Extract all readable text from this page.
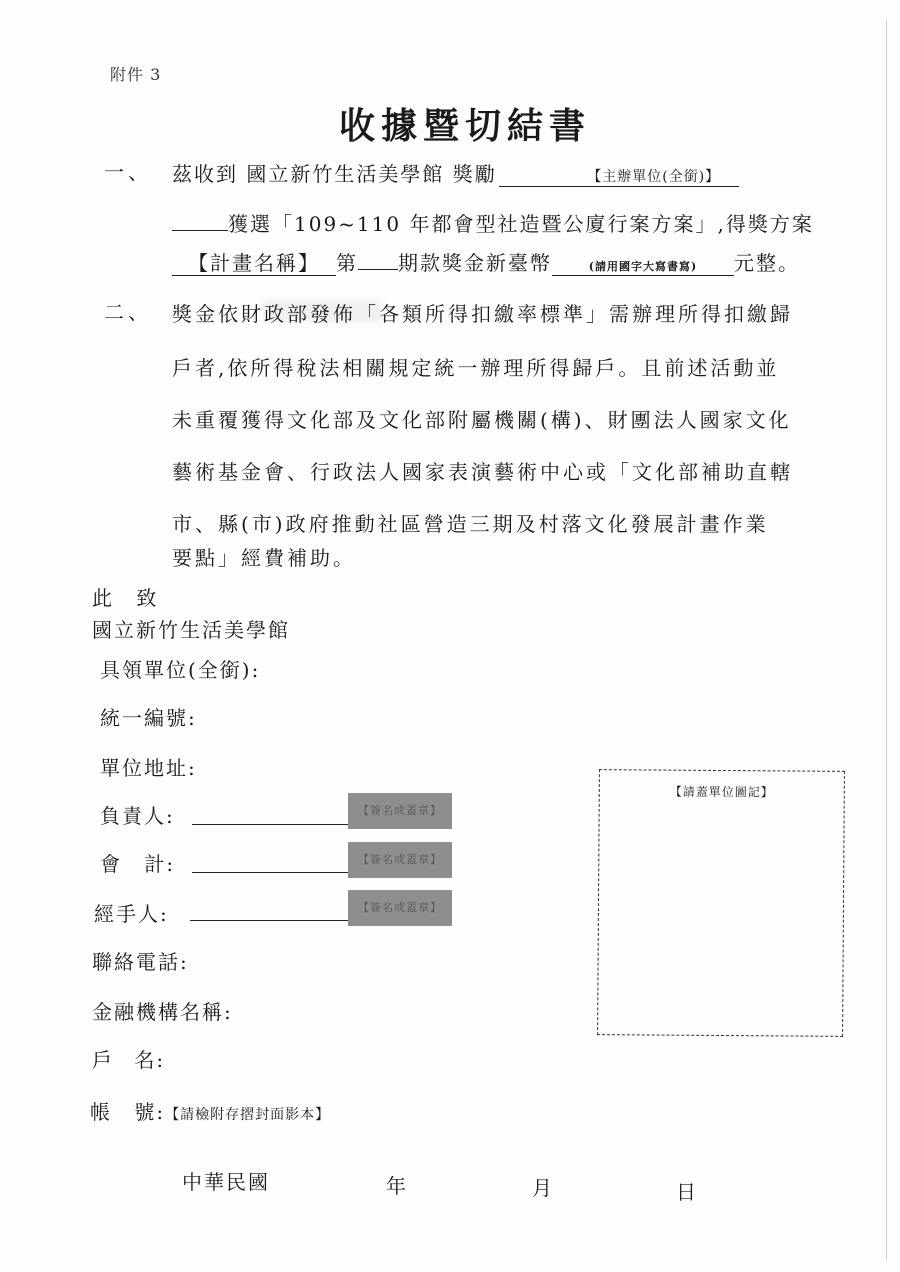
附件 3
收據暨切結書
一、 茲收到 國立新竹生活美學館 獎勵	【主辦單位(全銜)】
獲選「109~110 年都會型社造暨公廈行案方案」,得獎方案
【計畫名稱】 第 期款獎金新臺幣	(請用國字大寫書寫) 元整。
二、 獎金依財政部發佈「各類所得扣繳率標準」需辦理所得扣繳歸
戶者,依所得稅法相關規定統一辦理所得歸戶。且前述活動並
未重覆獲得文化部及文化部附屬機關(構)、財團法人國家文化
藝術基金會、行政法人國家表演藝術中心或「文化部補助直轄
市、縣(市)政府推動社區營造三期及村落文化發展計畫作業
要點」經費補助。
此 致
國立新竹生活美學館
具領單位(全銜):
統一編號:
單位地址:
負責人:	【簽名或蓋章】
會 計:	【簽名或蓋章】
經手人:	【簽名或蓋章】
聯絡電話:
金融機構名稱:
戶 名:
帳 號:【請檢附存摺封面影本】
【請蓋單位圖記】
中華民國	年	月	日
